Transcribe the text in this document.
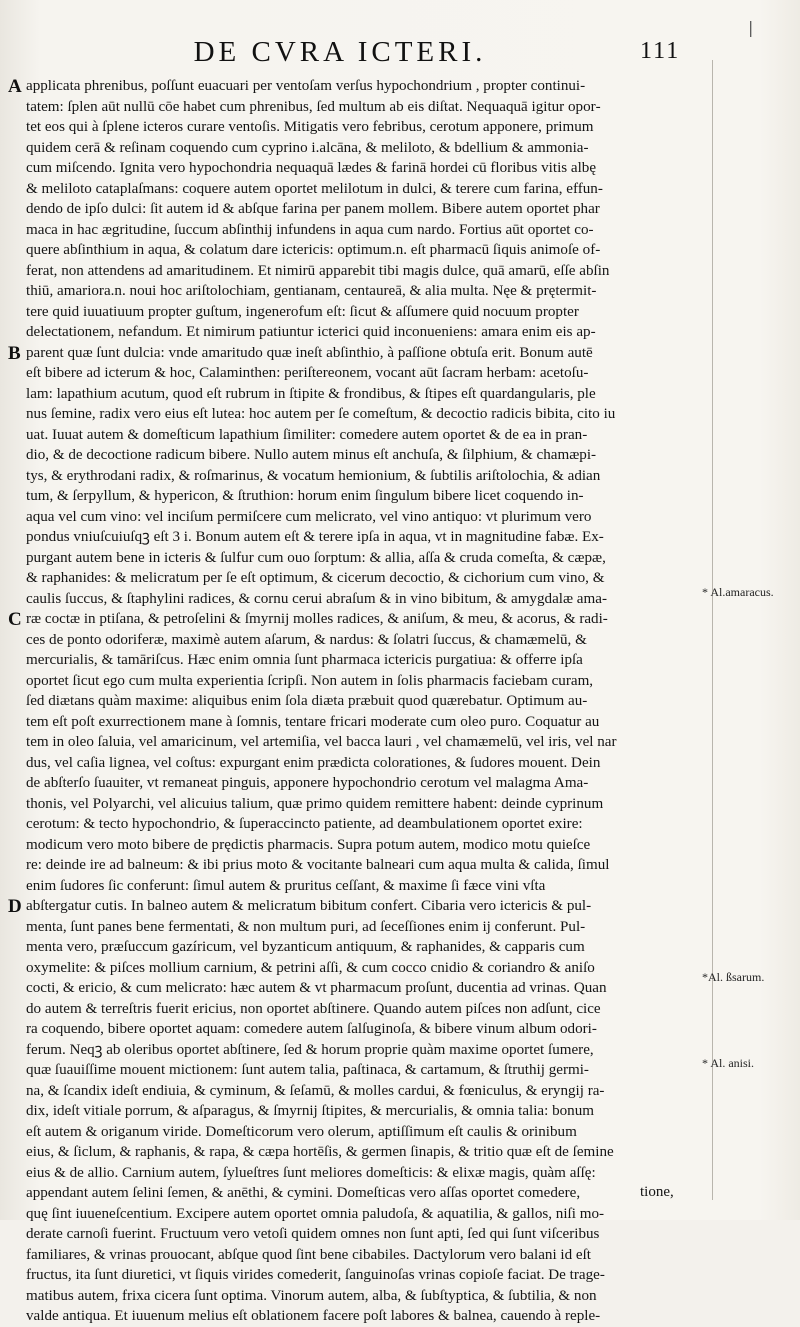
|
DE CVRA ICTERI.	111
A
B
C
D
* Al.amaracus.
*Al. ßsarum.
* Al. anisi.
applicata phrenibus, poſſunt euacuari per ventoſam verſus hypochondrium , propter continui‐
tatem: ſplen aūt nullū cōe habet cum phrenibus, ſed multum ab eis diſtat. Nequaquā igitur opor‐
tet eos qui à ſplene icteros curare ventoſis. Mitigatis vero febribus, cerotum apponere, primum
quidem cerā & reſinam coquendo cum cyprino i.alcāna, & meliloto, & bdellium & ammonia‐
cum miſcendo. Ignita vero hypochondria nequaquā lædes & farinā hordei cū floribus vitis albę
& meliloto cataplaſmans: coquere autem oportet melilotum in dulci, & terere cum farina, effun‐
dendo de ipſo dulci: ſit autem id & abſque farina per panem mollem. Bibere autem oportet phar
maca in hac ægritudine, ſuccum abſinthij infundens in aqua cum nardo. Fortius aūt oportet co‐
quere abſinthium in aqua, & colatum dare ictericis: optimum.n. eſt pharmacū ſiquis animoſe of‐
ferat, non attendens ad amaritudinem. Et nimirū apparebit tibi magis dulce, quā amarū, eſſe abſin
thiū, amariora.n. noui hoc ariſtolochiam, gentianam, centaureā, & alia multa. Nęe & prętermit‐
tere quid iuuatiuum propter guſtum, ingenerofum eſt: ſicut & aſſumere quid nocuum propter
delectationem, nefandum. Et nimirum patiuntur icterici quid inconueniens: amara enim eis ap‐
parent quæ ſunt dulcia: vnde amaritudo quæ ineſt abſinthio, à paſſione obtuſa erit. Bonum autē
eſt bibere ad icterum & hoc, Calaminthen: periſtereonem, vocant aūt ſacram herbam: acetoſu‐
lam: lapathium acutum, quod eſt rubrum in ſtipite & frondibus, & ſtipes eſt quardangularis, ple
nus ſemine, radix vero eius eſt lutea: hoc autem per ſe comeſtum, & decoctio radicis bibita, cito iu
uat. Iuuat autem & domeſticum lapathium ſimiliter: comedere autem oportet & de ea in pran‐
dio, & de decoctione radicum bibere. Nullo autem minus eſt anchuſa, & ſilphium, & chamæpi‐
tys, & erythrodani radix, & roſmarinus, & vocatum hemionium, & ſubtilis ariſtolochia, & adian
tum, & ſerpyllum, & hypericon, & ſtruthion: horum enim ſingulum bibere licet coquendo in‐
aqua vel cum vino: vel inciſum permiſcere cum melicrato, vel vino antiquo: vt plurimum vero
pondus vniuſcuiuſqꝫ eſt 3 i. Bonum autem eſt & terere ipſa in aqua, vt in magnitudine fabæ. Ex‐
purgant autem bene in icteris & ſulfur cum ouo ſorptum: & allia, aſſa & cruda comeſta, & cæpæ,
& raphanides: & melicratum per ſe eſt optimum, & cicerum decoctio, & cichorium cum vino, &
caulis ſuccus, & ſtaphylini radices, & cornu cerui abraſum & in vino bibitum, & amygdalæ ama‐
ræ coctæ in ptiſana, & petroſelini & ſmyrnij molles radices, & aniſum, & meu, & acorus, & radi‐
ces de ponto odoriferæ, maximè autem aſarum, & nardus: & ſolatri ſuccus, & chamæmelū, &
mercurialis, & tamāriſcus. Hæc enim omnia ſunt pharmaca ictericis purgatiua: & offerre ipſa
oportet ſicut ego cum multa experientia ſcripſi. Non autem in ſolis pharmacis faciebam curam,
ſed diætans quàm maxime: aliquibus enim ſola diæta præbuit quod quærebatur. Optimum au‐
tem eſt poſt exurrectionem mane à ſomnis, tentare fricari moderate cum oleo puro. Coquatur au
tem in oleo ſaluia, vel amaricinum, vel artemiſia, vel bacca lauri , vel chamæmelū, vel iris, vel nar
dus, vel caſia lignea, vel coſtus: expurgant enim prædicta colorationes, & ſudores mouent. Dein
de abſterſo ſuauiter, vt remaneat pinguis, apponere hypochondrio cerotum vel malagma Ama‐
thonis, vel Polyarchi, vel alicuius talium, quæ primo quidem remittere habent: deinde cyprinum
cerotum: & tecto hypochondrio, & ſuperaccincto patiente, ad deambulationem oportet exire:
modicum vero moto bibere de prędictis pharmacis. Supra potum autem, modico motu quieſce
re: deinde ire ad balneum: & ibi prius moto & vocitante balneari cum aqua multa & calida, ſimul
enim ſudores ſic conferunt: ſimul autem & pruritus ceſſant, & maxime ſi fæce vini vſta
abſtergatur cutis. In balneo autem & melicratum bibitum confert. Cibaria vero ictericis & pul‐
menta, ſunt panes bene fermentati, & non multum puri, ad ſeceſſiones enim ij conferunt. Pul‐
menta vero, præſuccum gazíricum, vel byzanticum antiquum, & raphanides, & capparis cum
oxymelite: & piſces mollium carnium, & petrini aſſi, & cum cocco cnidio & coriandro & aniſo
cocti, & ericio, & cum melicrato: hæc autem & vt pharmacum proſunt, ducentia ad vrinas. Quan
do autem & terreſtris fuerit ericius, non oportet abſtinere. Quando autem piſces non adſunt, cice
ra coquendo, bibere oportet aquam: comedere autem ſalſuginoſa, & bibere vinum album odori‐
ferum. Neqꝫ ab oleribus oportet abſtinere, ſed & horum proprie quàm maxime oportet ſumere,
quæ ſuauiſſime mouent mictionem: ſunt autem talia, paſtinaca, & cartamum, & ſtruthij germi‐
na, & ſcandix ideſt endiuia, & cyminum, & ſeſamū, & molles cardui, & fœniculus, & eryngij ra‐
dix, ideſt vitiale porrum, & aſparagus, & ſmyrnij ſtipites, & mercurialis, & omnia talia: bonum
eſt autem & origanum viride. Domeſticorum vero olerum, aptiſſimum eſt caulis & orinibum
eius, & ſiclum, & raphanis, & rapa, & cæpa hortēſis, & germen ſinapis, & tritio quæ eſt de ſemine
eius & de allio. Carnium autem, ſylueſtres ſunt meliores domeſticis: & elixæ magis, quàm aſſę:
appendant autem ſelini ſemen, & anēthi, & cymini. Domeſticas vero aſſas oportet comedere,
quę ſint iuueneſcentium. Excipere autem oportet omnia paludoſa, & aquatilia, & gallos, niſi mo‐
derate carnoſi fuerint. Fructuum vero vetoſi quidem omnes non ſunt apti, ſed qui ſunt viſceribus
familiares, & vrinas prouocant, abſque quod ſint bene cibabiles. Dactylorum vero balani id eſt
fructus, ita ſunt diuretici, vt ſiquis virides comederit, ſanguinoſas vrinas copioſe faciat. De trage‐
matibus autem, frixa cicera ſunt optima. Vinorum autem, alba, & ſubſtyptica, & ſubtilia, & non
valde antiqua. Et iuuenum melius eſt oblationem facere poſt labores & balnea, cauendo à reple‐
tione,
